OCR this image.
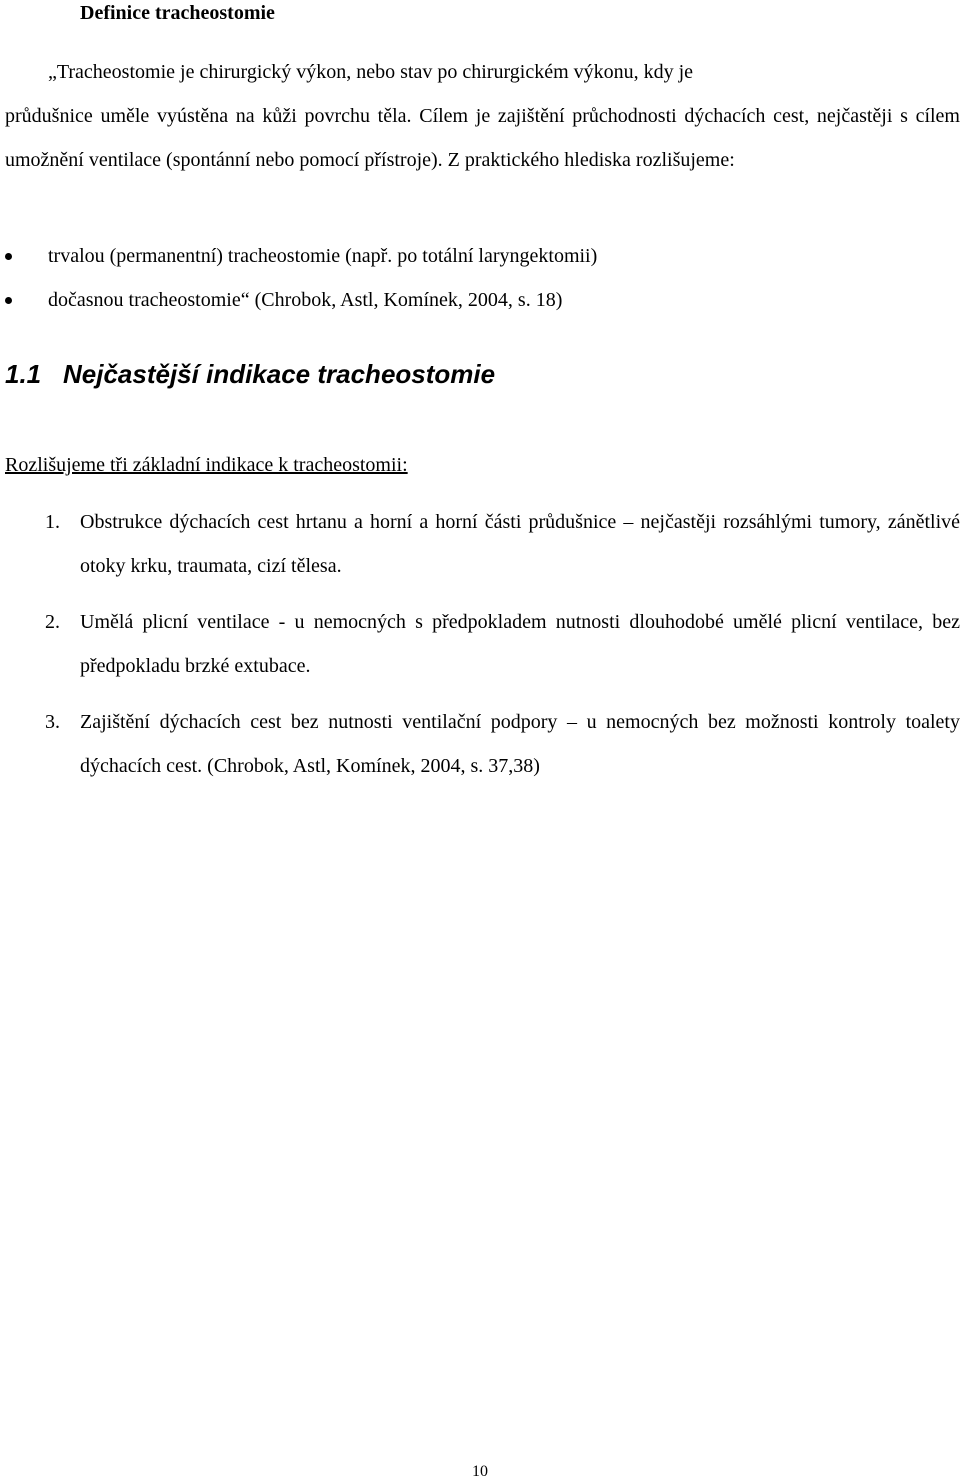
Definice tracheostomie
„Tracheostomie je chirurgický výkon, nebo stav po chirurgickém výkonu, kdy je
průdušnice uměle vyústěna na kůži povrchu těla. Cílem je zajištění průchodnosti dýchacích cest, nejčastěji s cílem umožnění ventilace (spontánní nebo pomocí přístroje). Z praktického hlediska rozlišujeme:
trvalou (permanentní) tracheostomie (např. po totální laryngektomii)
dočasnou tracheostomie“ (Chrobok, Astl, Komínek, 2004, s. 18)
1.1 Nejčastější indikace tracheostomie
Rozlišujeme tři základní indikace k tracheostomii:
1. Obstrukce dýchacích cest hrtanu a horní a horní části průdušnice – nejčastěji rozsáhlými tumory, zánětlivé otoky krku, traumata, cizí tělesa.
2. Umělá plicní ventilace - u nemocných s předpokladem nutnosti dlouhodobé umělé plicní ventilace, bez předpokladu brzké extubace.
3. Zajištění dýchacích cest bez nutnosti ventilační podpory – u nemocných bez možnosti kontroly toalety dýchacích cest. (Chrobok, Astl, Komínek, 2004, s. 37,38)
10
